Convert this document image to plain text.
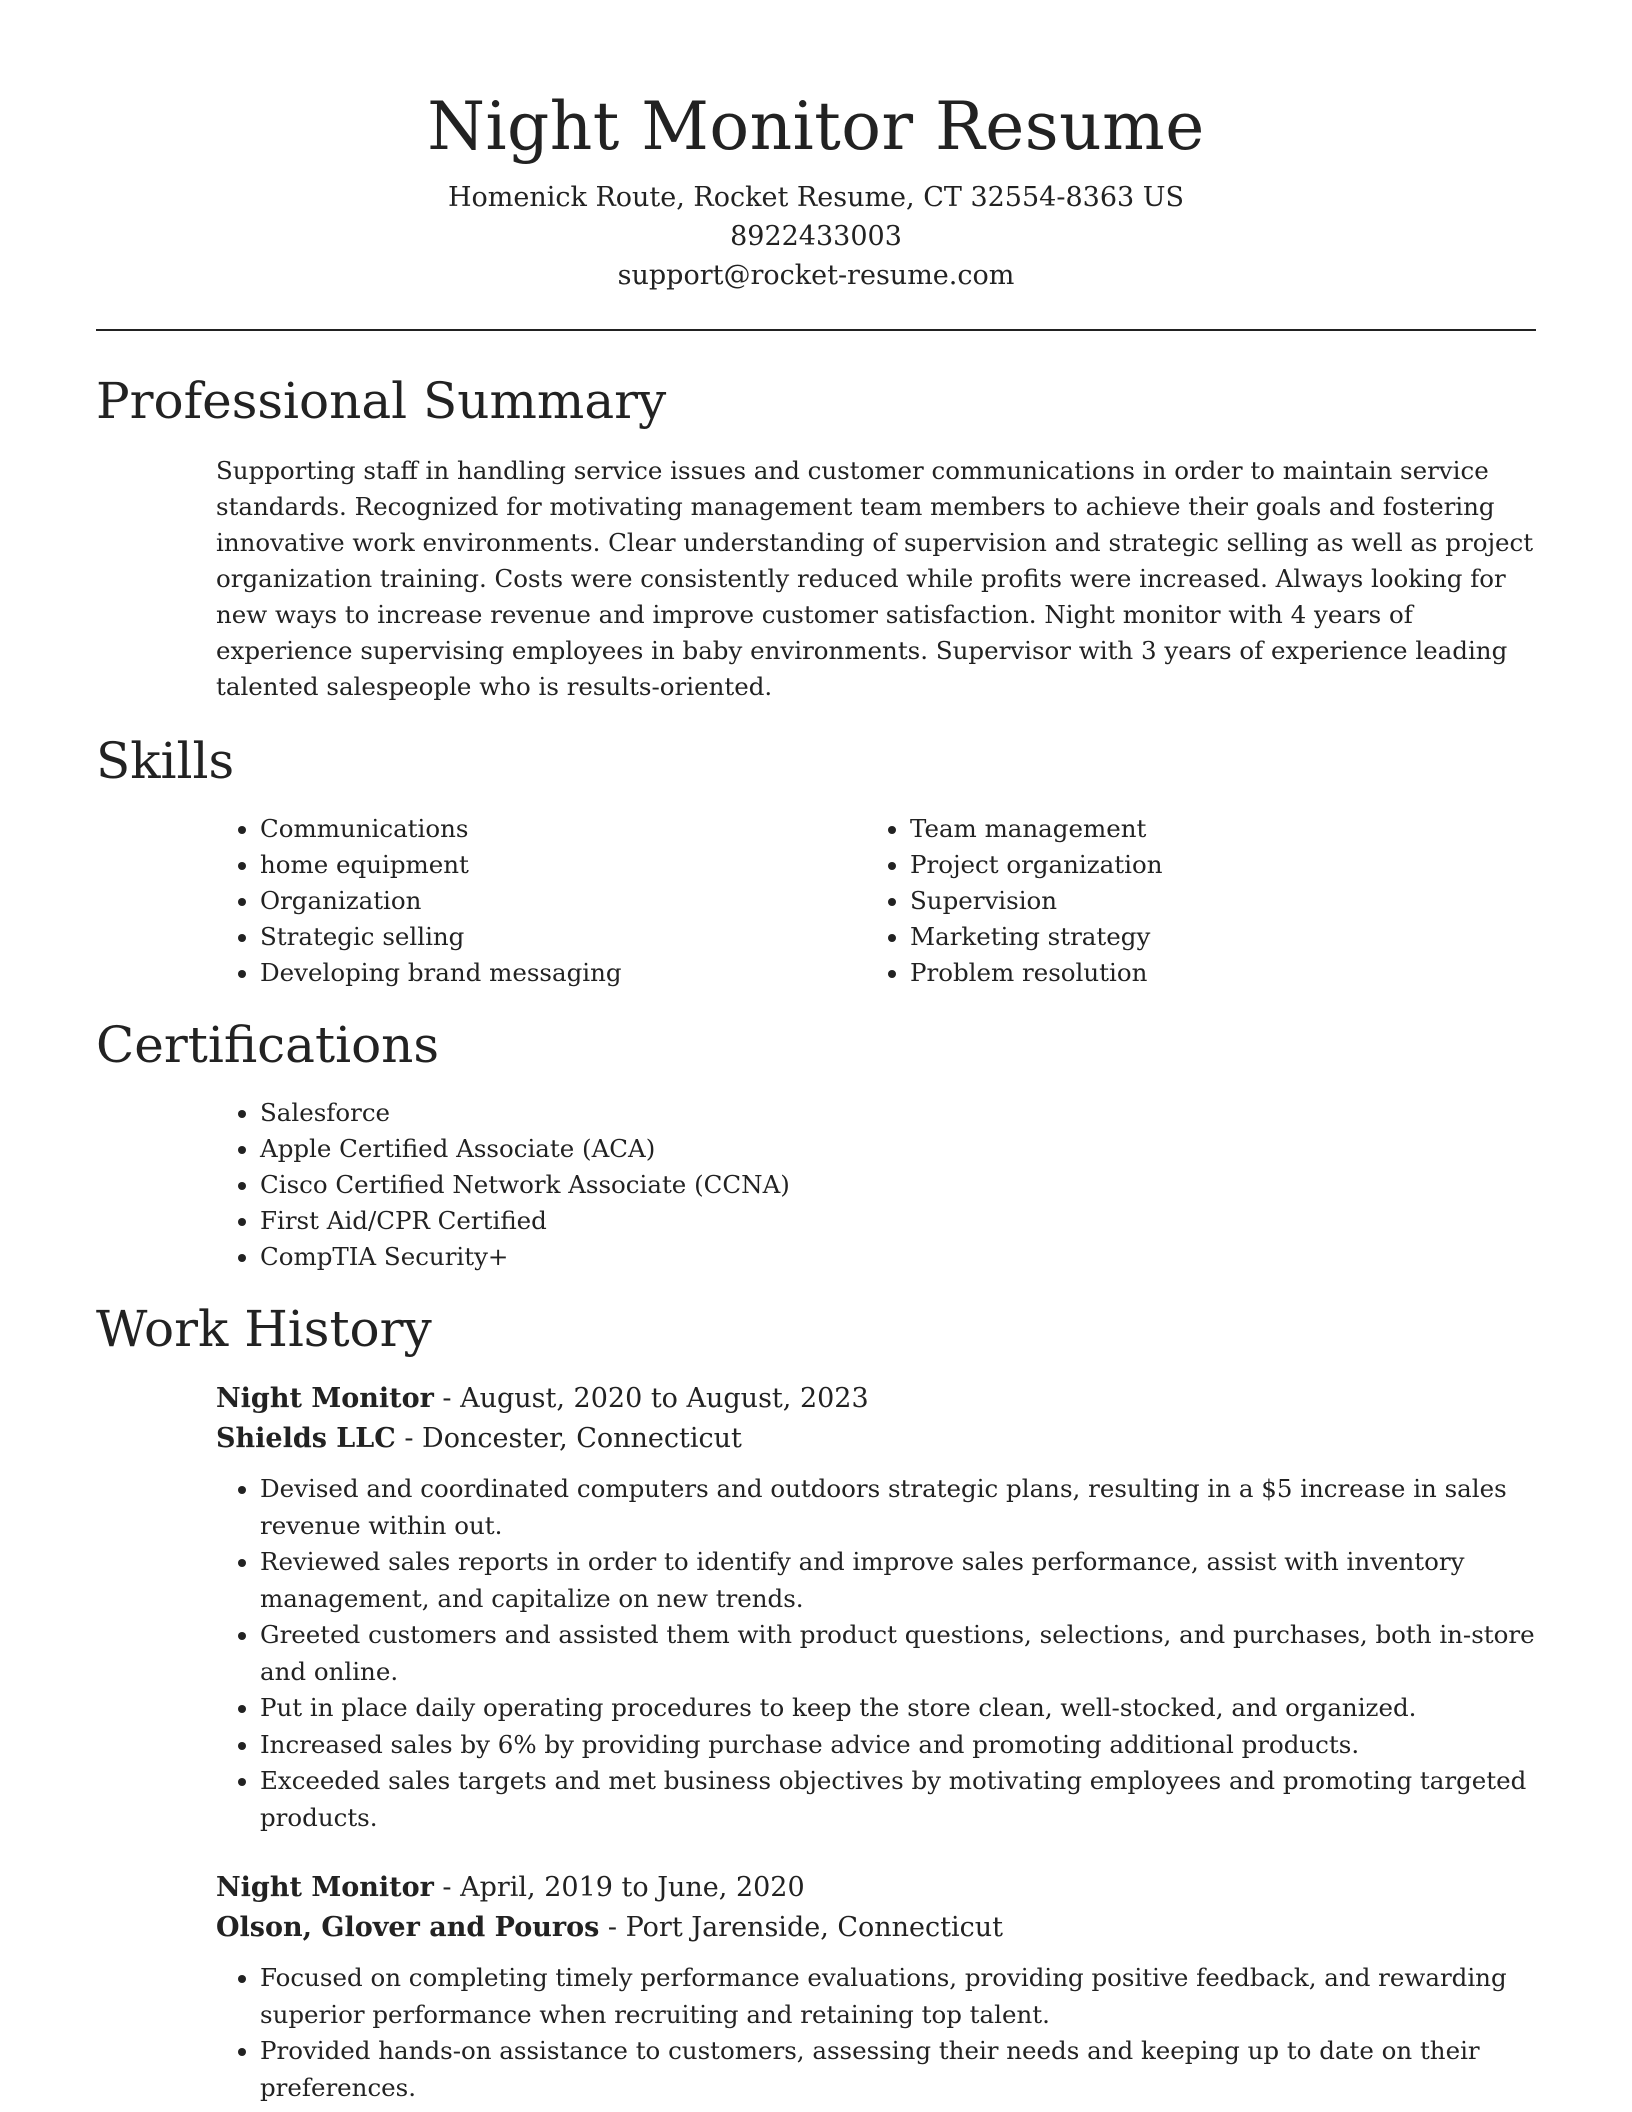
Night Monitor Resume

Homenick Route, Rocket Resume, CT 32554-8363 US

8922433003

support@rocket-resume.com

Professional Summary

Supporting staff in handling service issues and customer communications in order to maintain service standards. Recognized for motivating management team members to achieve their goals and fostering innovative work environments. Clear understanding of supervision and strategic selling as well as project organization training. Costs were consistently reduced while profits were increased. Always looking for new ways to increase revenue and improve customer satisfaction. Night monitor with 4 years of experience supervising employees in baby environments. Supervisor with 3 years of experience leading talented salespeople who is results-oriented.

Skills
• Communications
• home equipment
• Organization
• Strategic selling
• Developing brand messaging
• Team management
• Project organization
• Supervision
• Marketing strategy
• Problem resolution
Certifications
• Salesforce
• Apple Certified Associate (ACA)
• Cisco Certified Network Associate (CCNA)
• First Aid/CPR Certified
• CompTIA Security+
Work History

Night Monitor - August, 2020 to August, 2023

Shields LLC - Doncester, Connecticut

• Devised and coordinated computers and outdoors strategic plans, resulting in a $5 increase in sales revenue within out.
• Reviewed sales reports in order to identify and improve sales performance, assist with inventory management, and capitalize on new trends.
• Greeted customers and assisted them with product questions, selections, and purchases, both in-store and online.
• Put in place daily operating procedures to keep the store clean, well-stocked, and organized.
• Increased sales by 6% by providing purchase advice and promoting additional products.
• Exceeded sales targets and met business objectives by motivating employees and promoting targeted products.

Night Monitor - April, 2019 to June, 2020

Olson, Glover and Pouros - Port Jarenside, Connecticut

• Focused on completing timely performance evaluations, providing positive feedback, and rewarding superior performance when recruiting and retaining top talent.
• Provided hands-on assistance to customers, assessing their needs and keeping up to date on their preferences.
